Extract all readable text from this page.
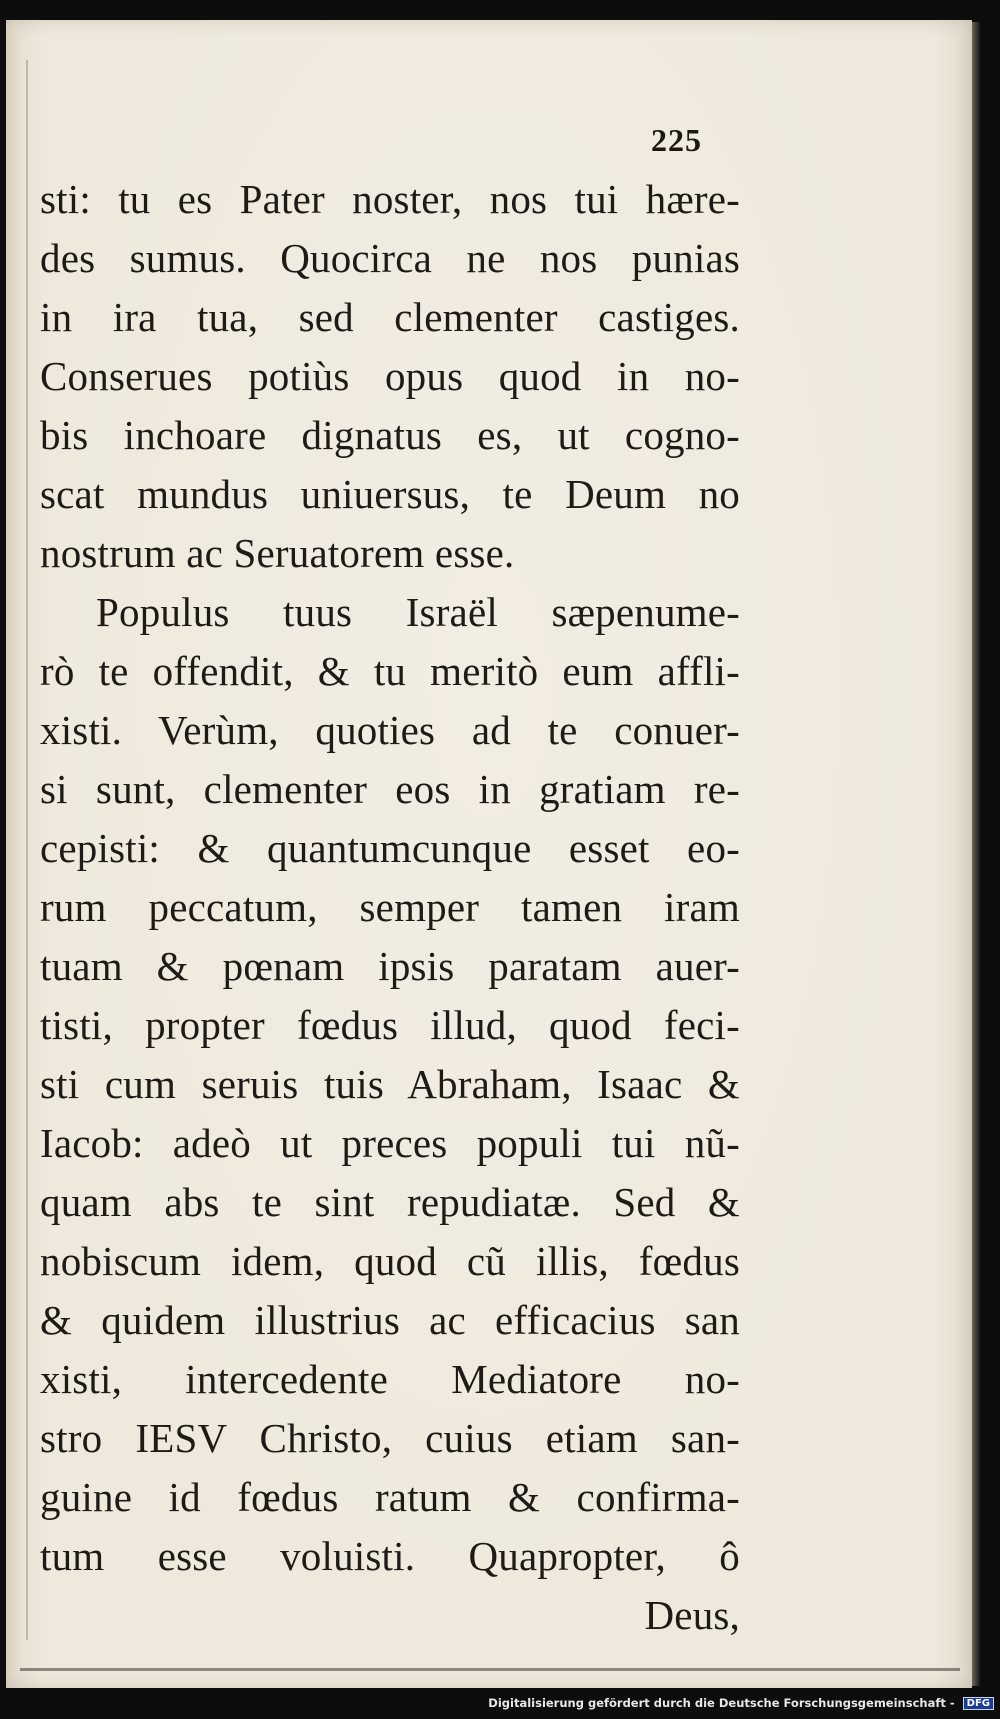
225
sti: tu es Pater noster, nos tui hære-
des sumus. Quocirca ne nos punias
in ira tua, sed clementer castiges.
Conserues potiùs opus quod in no-
bis inchoare dignatus es, ut cogno-
scat mundus uniuersus, te Deum no
nostrum ac Seruatorem esse.
Populus tuus Israël sæpenume-
rò te offendit, & tu meritò eum affli-
xisti. Verùm, quoties ad te conuer-
si sunt, clementer eos in gratiam re-
cepisti: & quantumcunque esset eo-
rum peccatum, semper tamen iram
tuam & pœnam ipsis paratam auer-
tisti, propter fœdus illud, quod feci-
sti cum seruis tuis Abraham, Isaac &
Iacob: adeò ut preces populi tui nũ-
quam abs te sint repudiatæ. Sed &
nobiscum idem, quod cũ illis, fœdus
& quidem illustrius ac efficacius san
xisti, intercedente Mediatore no-
stro IESV Christo, cuius etiam san-
guine id fœdus ratum & confirma-
tum esse voluisti. Quapropter, ô
Deus,
Digitalisierung gefördert durch die Deutsche Forschungsgemeinschaft - DFG
